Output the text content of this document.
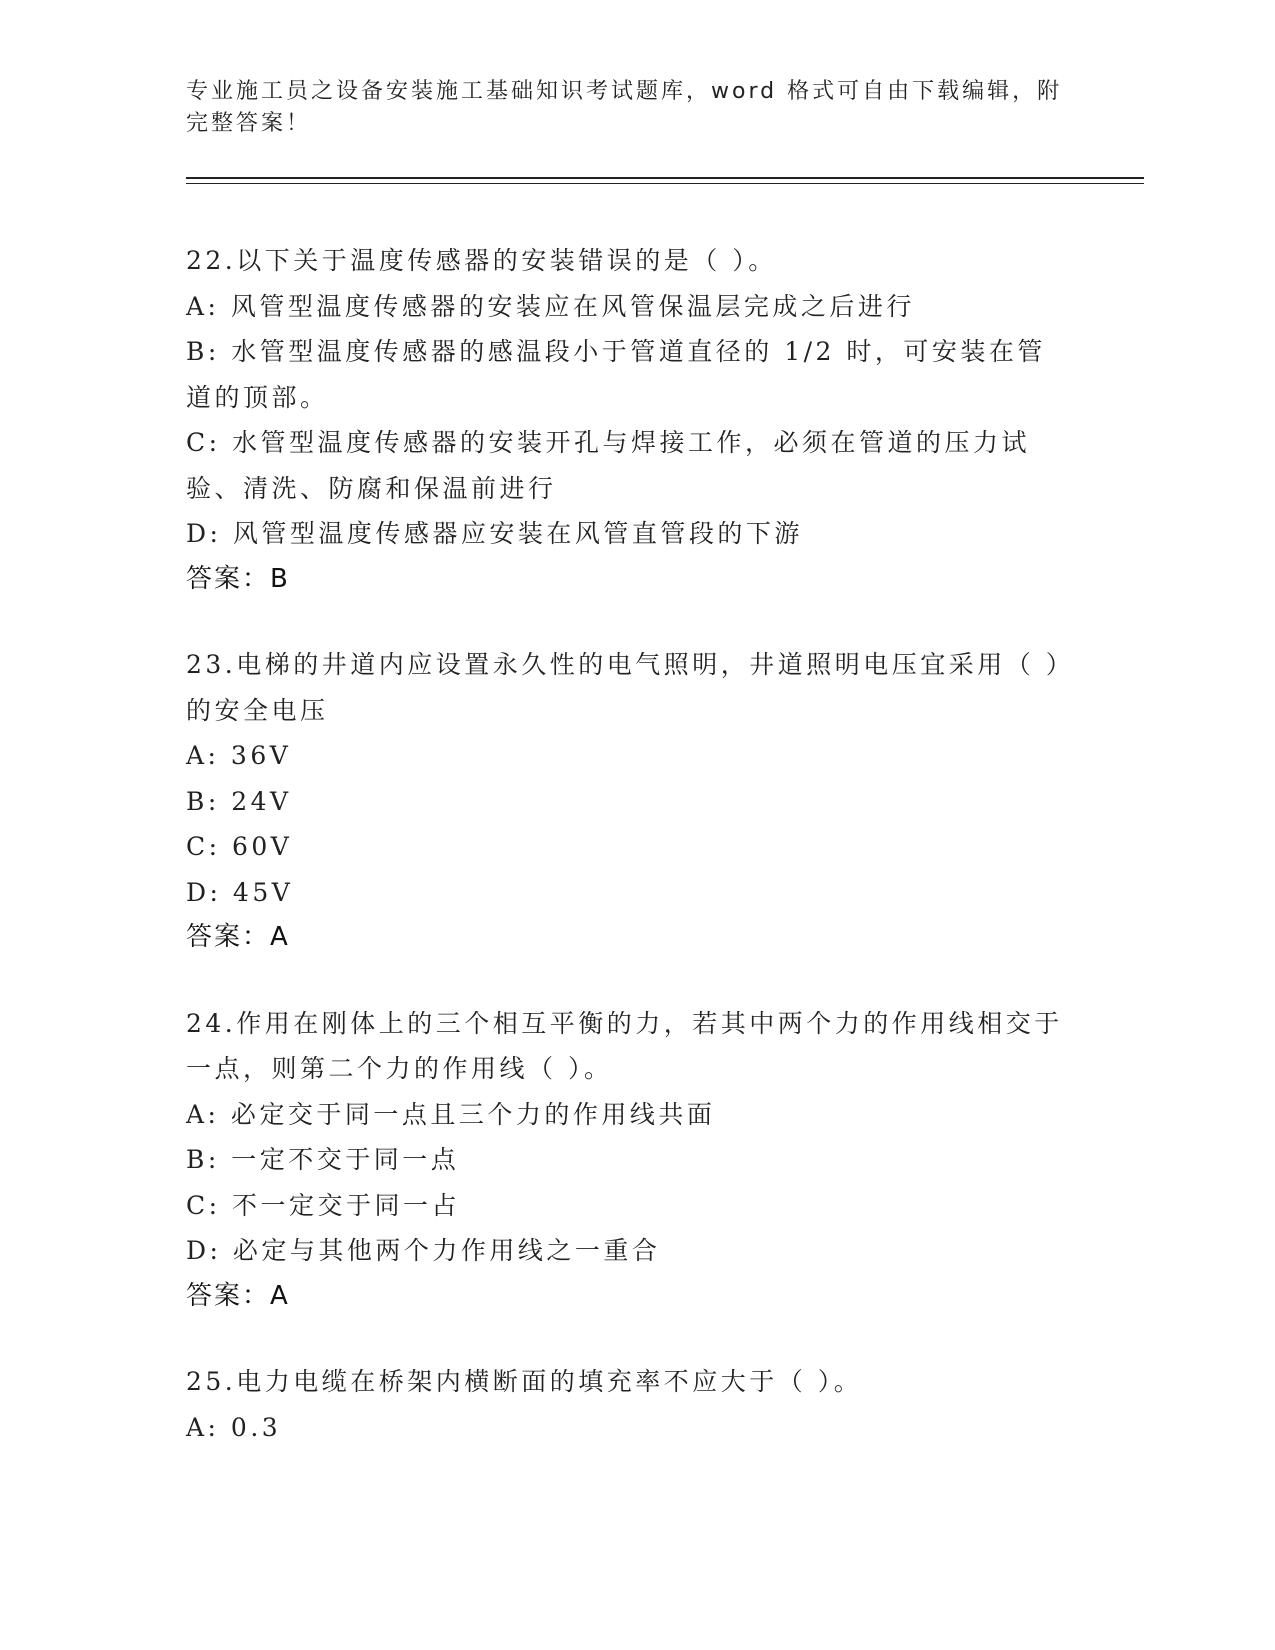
专业施工员之设备安装施工基础知识考试题库，word 格式可自由下载编辑，附完整答案！
22.以下关于温度传感器的安装错误的是（ ）。
A: 风管型温度传感器的安装应在风管保温层完成之后进行
B: 水管型温度传感器的感温段小于管道直径的 1/2 时，可安装在管道的顶部。
C: 水管型温度传感器的安装开孔与焊接工作，必须在管道的压力试验、清洗、防腐和保温前进行
D: 风管型温度传感器应安装在风管直管段的下游
答案：B
23.电梯的井道内应设置永久性的电气照明，井道照明电压宜采用（ ）的安全电压
A: 36V
B: 24V
C: 60V
D: 45V
答案：A
24.作用在刚体上的三个相互平衡的力，若其中两个力的作用线相交于一点，则第二个力的作用线（ ）。
A: 必定交于同一点且三个力的作用线共面
B: 一定不交于同一点
C: 不一定交于同一占
D: 必定与其他两个力作用线之一重合
答案：A
25.电力电缆在桥架内横断面的填充率不应大于（ ）。
A: 0.3
